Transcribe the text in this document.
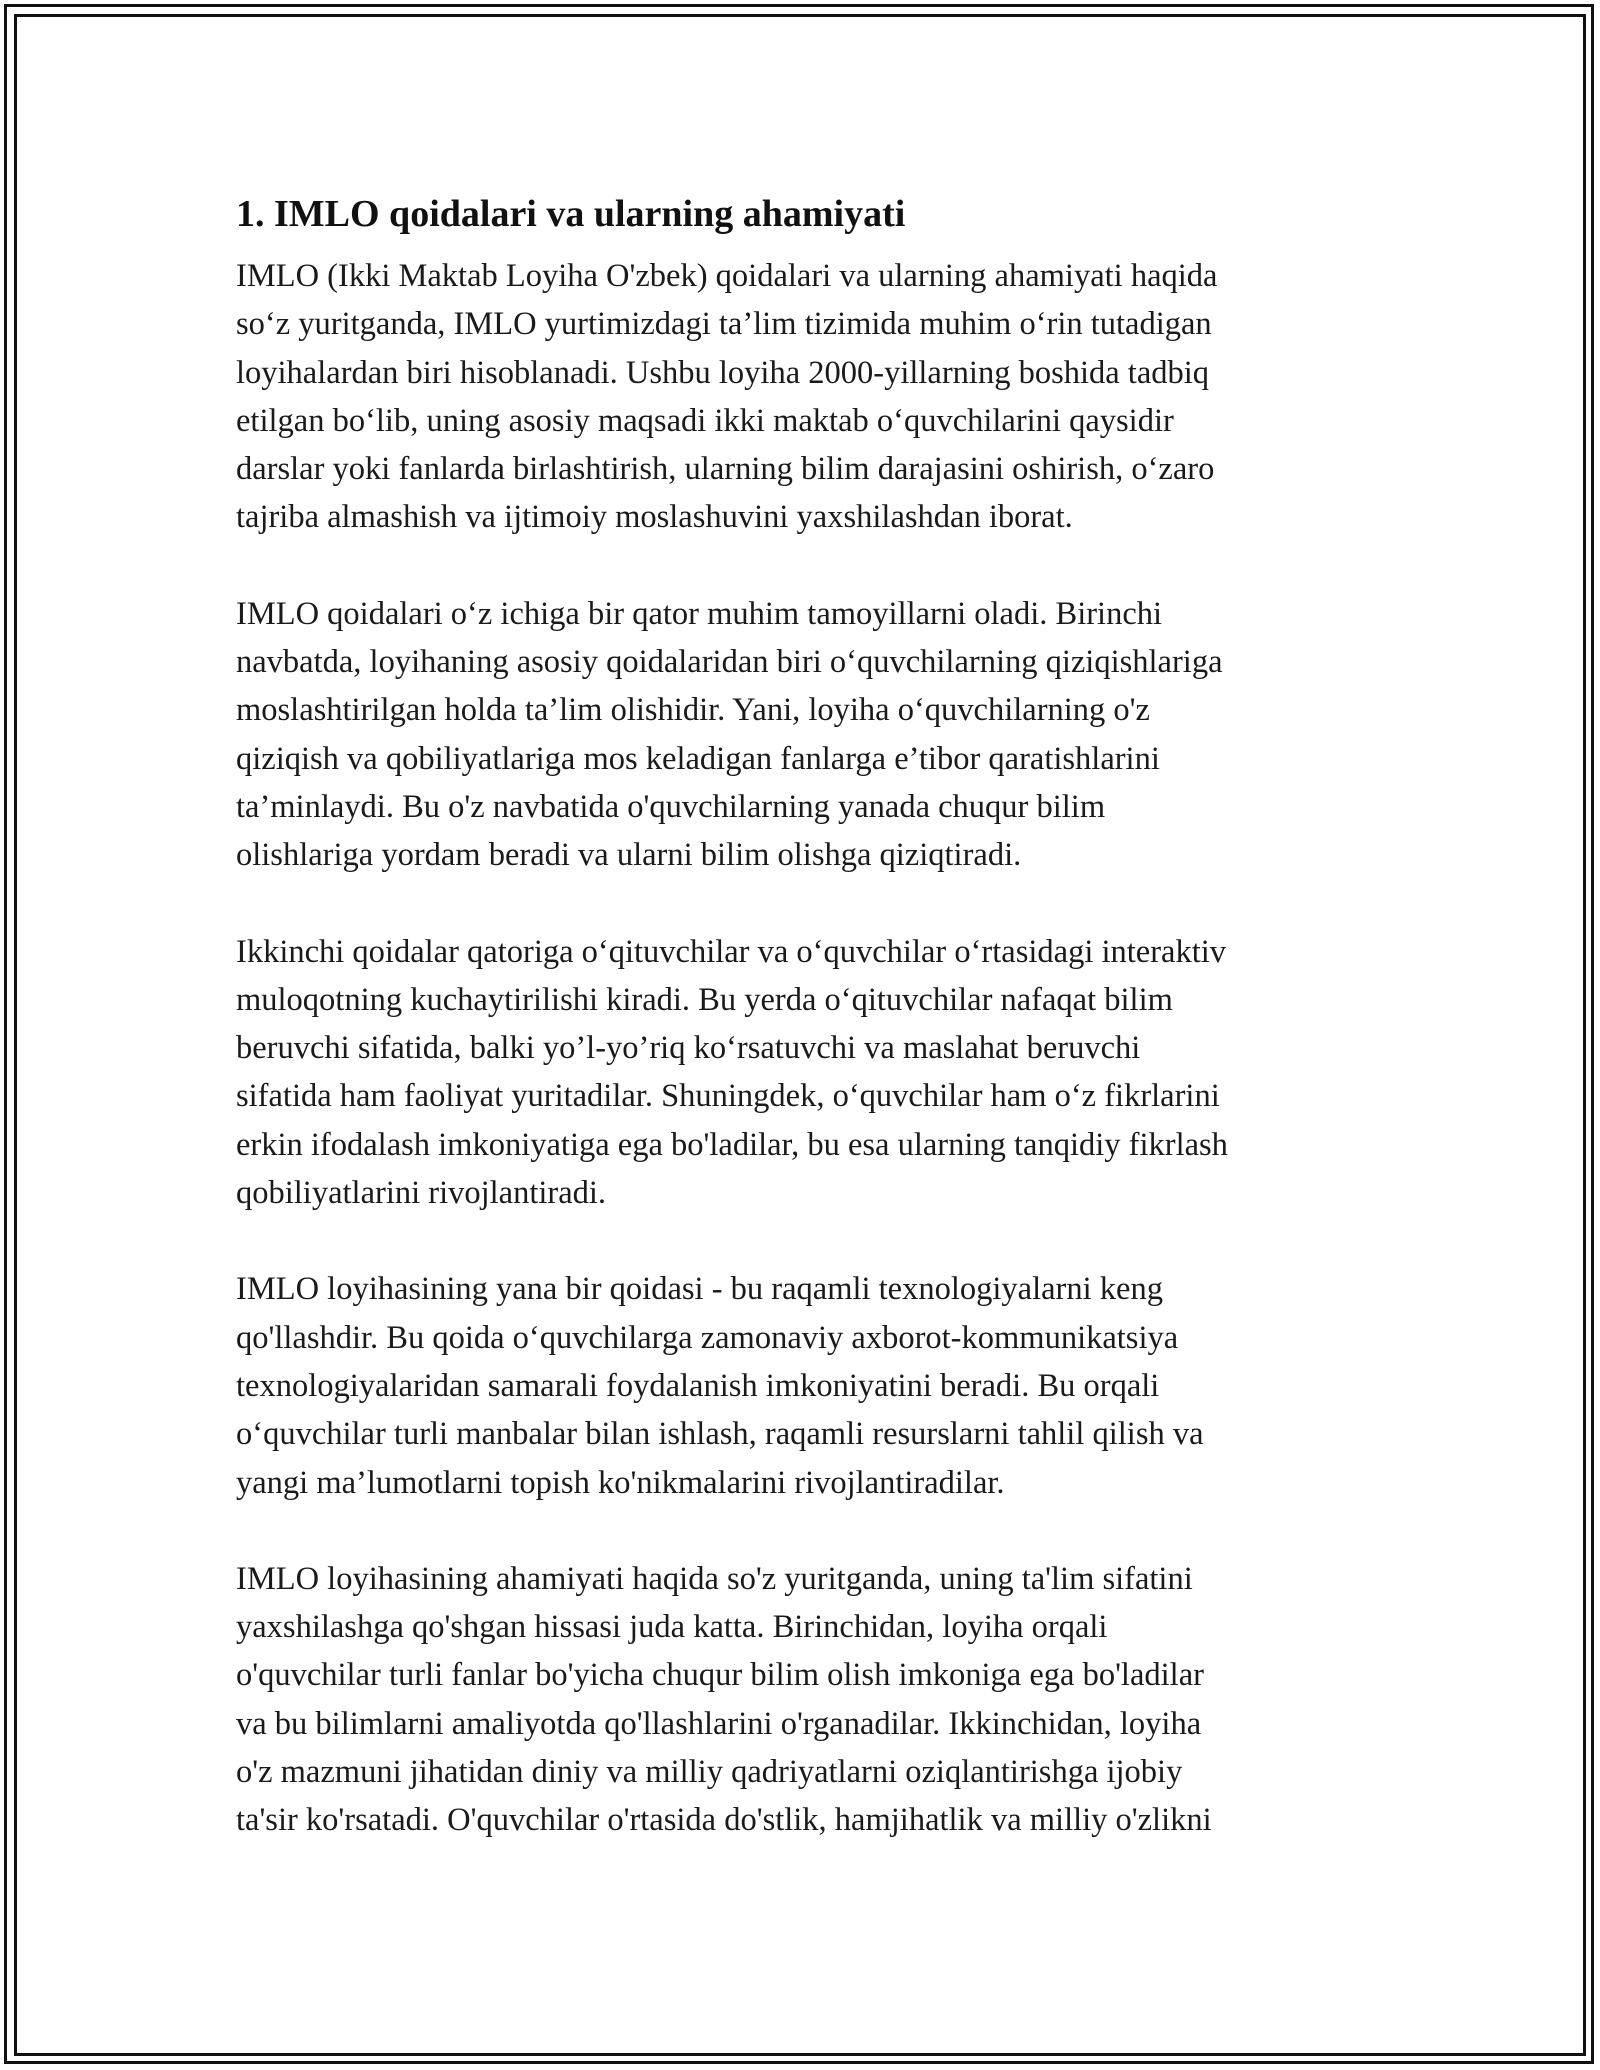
1. IMLO qoidalari va ularning ahamiyati
IMLO (Ikki Maktab Loyiha O'zbek) qoidalari va ularning ahamiyati haqida
so‘z yuritganda, IMLO yurtimizdagi ta’lim tizimida muhim o‘rin tutadigan
loyihalardan biri hisoblanadi. Ushbu loyiha 2000-yillarning boshida tadbiq
etilgan bo‘lib, uning asosiy maqsadi ikki maktab o‘quvchilarini qaysidir
darslar yoki fanlarda birlashtirish, ularning bilim darajasini oshirish, o‘zaro
tajriba almashish va ijtimoiy moslashuvini yaxshilashdan iborat.
IMLO qoidalari o‘z ichiga bir qator muhim tamoyillarni oladi. Birinchi
navbatda, loyihaning asosiy qoidalaridan biri o‘quvchilarning qiziqishlariga
moslashtirilgan holda ta’lim olishidir. Yani, loyiha o‘quvchilarning o'z
qiziqish va qobiliyatlariga mos keladigan fanlarga e’tibor qaratishlarini
ta’minlaydi. Bu o'z navbatida o'quvchilarning yanada chuqur bilim
olishlariga yordam beradi va ularni bilim olishga qiziqtiradi.
Ikkinchi qoidalar qatoriga o‘qituvchilar va o‘quvchilar o‘rtasidagi interaktiv
muloqotning kuchaytirilishi kiradi. Bu yerda o‘qituvchilar nafaqat bilim
beruvchi sifatida, balki yo’l-yo’riq ko‘rsatuvchi va maslahat beruvchi
sifatida ham faoliyat yuritadilar. Shuningdek, o‘quvchilar ham o‘z fikrlarini
erkin ifodalash imkoniyatiga ega bo'ladilar, bu esa ularning tanqidiy fikrlash
qobiliyatlarini rivojlantiradi.
IMLO loyihasining yana bir qoidasi - bu raqamli texnologiyalarni keng
qo'llashdir. Bu qoida o‘quvchilarga zamonaviy axborot-kommunikatsiya
texnologiyalaridan samarali foydalanish imkoniyatini beradi. Bu orqali
o‘quvchilar turli manbalar bilan ishlash, raqamli resurslarni tahlil qilish va
yangi ma’lumotlarni topish ko'nikmalarini rivojlantiradilar.
IMLO loyihasining ahamiyati haqida so'z yuritganda, uning ta'lim sifatini
yaxshilashga qo'shgan hissasi juda katta. Birinchidan, loyiha orqali
o'quvchilar turli fanlar bo'yicha chuqur bilim olish imkoniga ega bo'ladilar
va bu bilimlarni amaliyotda qo'llashlarini o'rganadilar. Ikkinchidan, loyiha
o'z mazmuni jihatidan diniy va milliy qadriyatlarni oziqlantirishga ijobiy
ta'sir ko'rsatadi. O'quvchilar o'rtasida do'stlik, hamjihatlik va milliy o'zlikni
